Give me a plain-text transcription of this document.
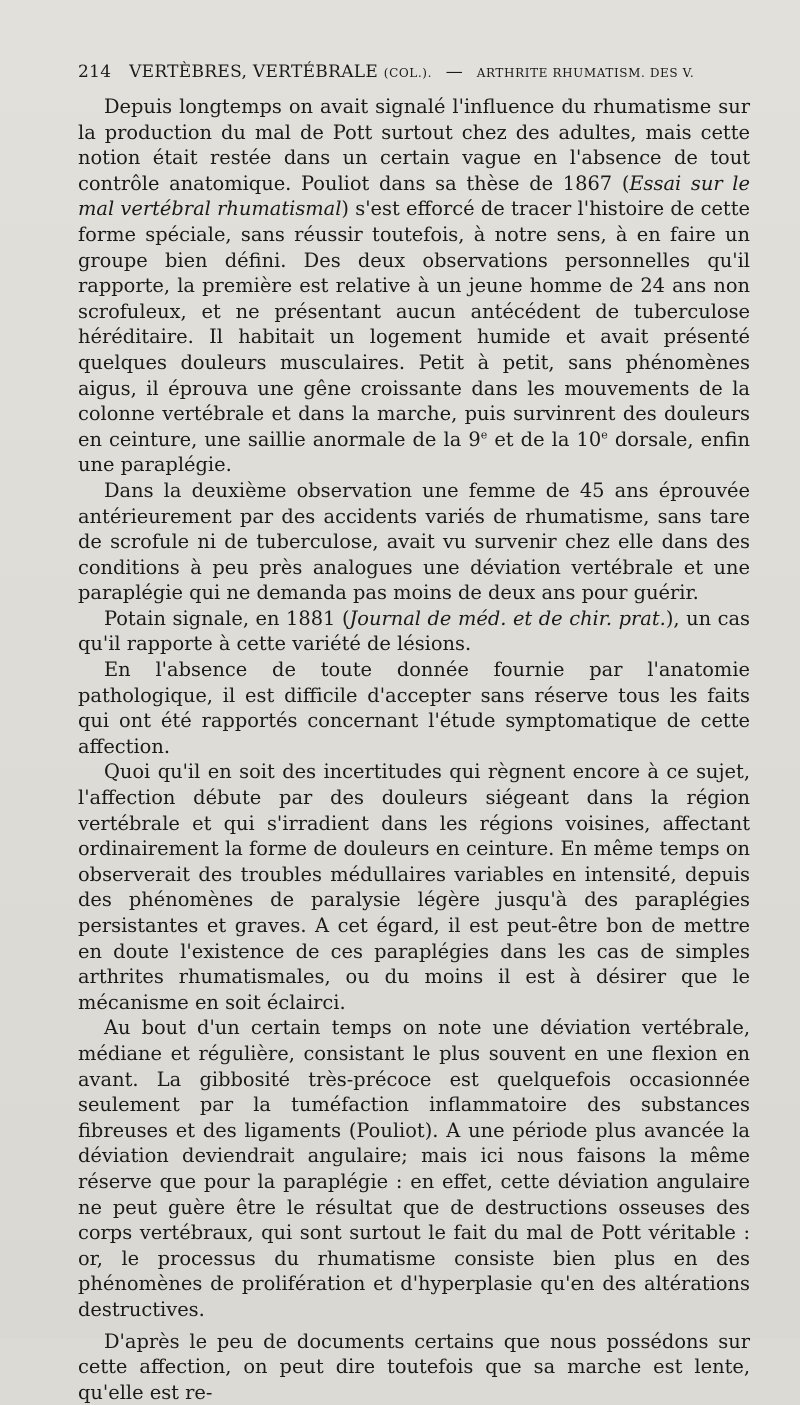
214 VERTÈBRES, VERTÉBRALE (COL.). — ARTHRITE RHUMATISM. DES V.

Depuis longtemps on avait signalé l'influence du rhumatisme sur la production du mal de Pott surtout chez des adultes, mais cette notion était restée dans un certain vague en l'absence de tout contrôle anatomique. Pouliot dans sa thèse de 1867 (Essai sur le mal vertébral rhumatismal) s'est efforcé de tracer l'histoire de cette forme spéciale, sans réussir toutefois, à notre sens, à en faire un groupe bien défini. Des deux observations personnelles qu'il rapporte, la première est relative à un jeune homme de 24 ans non scrofuleux, et ne présentant aucun antécédent de tuberculose héréditaire. Il habitait un logement humide et avait présenté quelques douleurs musculaires. Petit à petit, sans phénomènes aigus, il éprouva une gêne croissante dans les mouvements de la colonne vertébrale et dans la marche, puis survinrent des douleurs en ceinture, une saillie anormale de la 9e et de la 10e dorsale, enfin une paraplégie.

Dans la deuxième observation une femme de 45 ans éprouvée antérieurement par des accidents variés de rhumatisme, sans tare de scrofule ni de tuberculose, avait vu survenir chez elle dans des conditions à peu près analogues une déviation vertébrale et une paraplégie qui ne demanda pas moins de deux ans pour guérir.

Potain signale, en 1881 (Journal de méd. et de chir. prat.), un cas qu'il rapporte à cette variété de lésions.

En l'absence de toute donnée fournie par l'anatomie pathologique, il est difficile d'accepter sans réserve tous les faits qui ont été rapportés concernant l'étude symptomatique de cette affection.

Quoi qu'il en soit des incertitudes qui règnent encore à ce sujet, l'affection débute par des douleurs siégeant dans la région vertébrale et qui s'irradient dans les régions voisines, affectant ordinairement la forme de douleurs en ceinture. En même temps on observerait des troubles médullaires variables en intensité, depuis des phénomènes de paralysie légère jusqu'à des paraplégies persistantes et graves. A cet égard, il est peut-être bon de mettre en doute l'existence de ces paraplégies dans les cas de simples arthrites rhumatismales, ou du moins il est à désirer que le mécanisme en soit éclairci.

Au bout d'un certain temps on note une déviation vertébrale, médiane et régulière, consistant le plus souvent en une flexion en avant. La gibbosité très-précoce est quelquefois occasionnée seulement par la tuméfaction inflammatoire des substances fibreuses et des ligaments (Pouliot). A une période plus avancée la déviation deviendrait angulaire; mais ici nous faisons la même réserve que pour la paraplégie : en effet, cette déviation angulaire ne peut guère être le résultat que de destructions osseuses des corps vertébraux, qui sont surtout le fait du mal de Pott véritable : or, le processus du rhumatisme consiste bien plus en des phénomènes de prolifération et d'hyperplasie qu'en des altérations destructives.

D'après le peu de documents certains que nous possédons sur cette affection, on peut dire toutefois que sa marche est lente, qu'elle est re-
